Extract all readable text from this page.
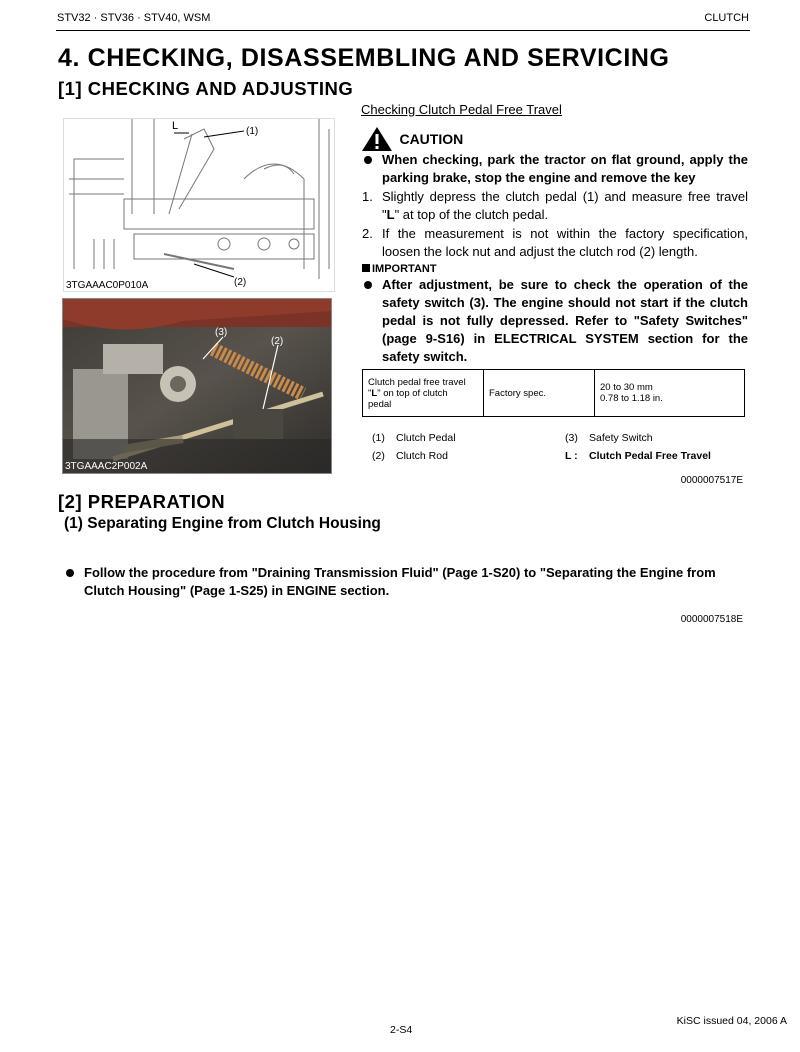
STV32 · STV36 · STV40, WSM	CLUTCH
4. CHECKING, DISASSEMBLING AND SERVICING
[1] CHECKING AND ADJUSTING
L	(1)
(2)
3TGAAAC0P010A
(3)
(2)
3TGAAAC2P002A
Checking Clutch Pedal Free Travel
CAUTION
When checking, park the tractor on flat ground, apply the parking brake, stop the engine and remove the key
1. Slightly depress the clutch pedal (1) and measure free travel
"L" at top of the clutch pedal.
2. If the measurement is not within the factory specification,
loosen the lock nut and adjust the clutch rod (2) length.
IMPORTANT
After adjustment, be sure to check the operation of the
safety switch (3). The engine should not start if the clutch
pedal is not fully depressed. Refer to "Safety Switches"
(page 9-S16) in ELECTRICAL SYSTEM section for the
safety switch.
Clutch pedal free travel
"L" on top of clutch
pedal
	Factory spec.	20 to 30 mm
0.78 to 1.18 in.
(1) Clutch Pedal
(2) Clutch Rod
(3) Safety Switch
L : Clutch Pedal Free Travel
0000007517E
[2] PREPARATION
(1) Separating Engine from Clutch Housing
Follow the procedure from "Draining Transmission Fluid" (Page 1-S20) to "Separating the Engine from
Clutch Housing" (Page 1-S25) in ENGINE section.
0000007518E
2-S4
KiSC issued 04, 2006 A
